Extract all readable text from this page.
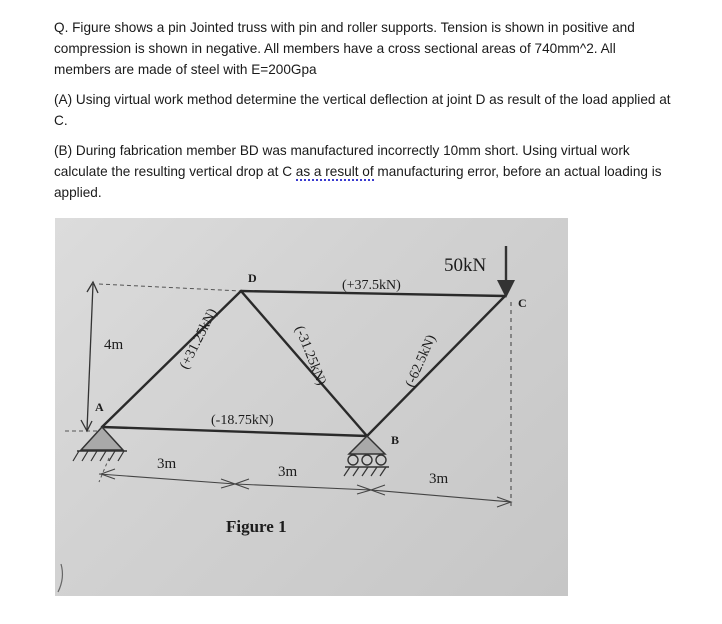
Q. Figure shows a pin Jointed truss with pin and roller supports. Tension is shown in positive and compression is shown in negative. All members have a cross sectional areas of 740mm^2. All members are made of steel with E=200Gpa

(A) Using virtual work method determine the vertical deflection at joint D as result of the load applied at C.

(B) During fabrication member BD was manufactured incorrectly 10mm short. Using virtual work calculate the resulting vertical drop at C as a result of manufacturing error, before an actual loading is applied.

4m
50kN
D
A
B
C
(+31.25kN)
(+37.5kN)
(-31.25kN)
(-18.75kN)
(-62.5kN)
3m	3m	3m
Figure 1
